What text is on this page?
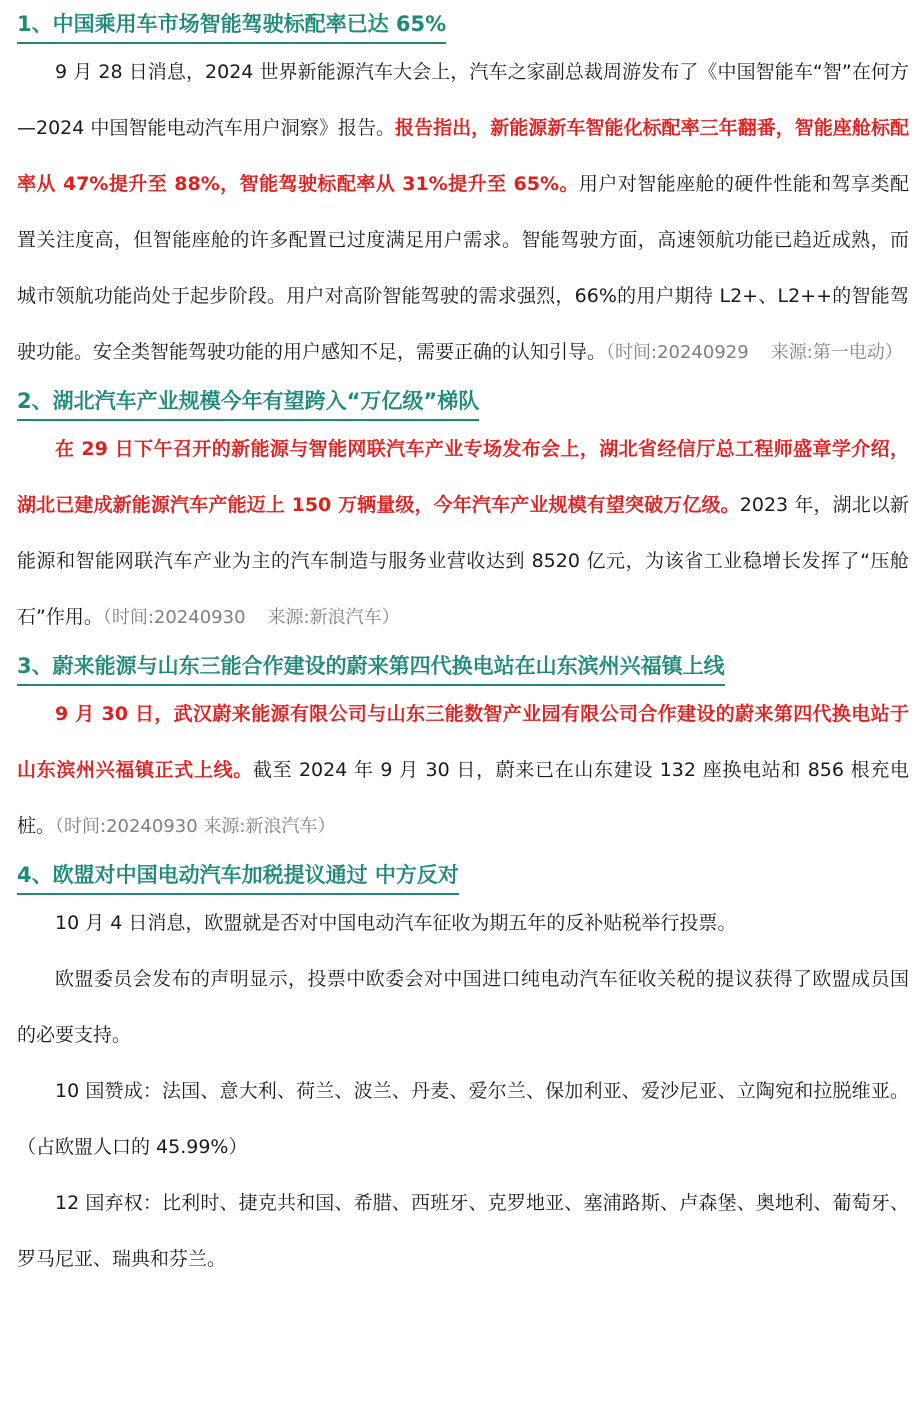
1、中国乘用车市场智能驾驶标配率已达 65%

9 月 28 日消息，2024 世界新能源汽车大会上，汽车之家副总裁周游发布了《中国智能车“智”在何方—2024 中国智能电动汽车用户洞察》报告。报告指出，新能源新车智能化标配率三年翻番，智能座舱标配率从 47%提升至 88%，智能驾驶标配率从 31%提升至 65%。用户对智能座舱的硬件性能和驾享类配置关注度高，但智能座舱的许多配置已过度满足用户需求。智能驾驶方面，高速领航功能已趋近成熟，而城市领航功能尚处于起步阶段。用户对高阶智能驾驶的需求强烈，66%的用户期待 L2+、L2++的智能驾驶功能。安全类智能驾驶功能的用户感知不足，需要正确的认知引导。（时间:20240929 来源:第一电动）

2、湖北汽车产业规模今年有望跨入“万亿级”梯队

在 29 日下午召开的新能源与智能网联汽车产业专场发布会上，湖北省经信厅总工程师盛章学介绍，湖北已建成新能源汽车产能迈上 150 万辆量级，今年汽车产业规模有望突破万亿级。2023 年，湖北以新能源和智能网联汽车产业为主的汽车制造与服务业营收达到 8520 亿元，为该省工业稳增长发挥了“压舱石”作用。（时间:20240930 来源:新浪汽车）

3、蔚来能源与山东三能合作建设的蔚来第四代换电站在山东滨州兴福镇上线

9 月 30 日，武汉蔚来能源有限公司与山东三能数智产业园有限公司合作建设的蔚来第四代换电站于山东滨州兴福镇正式上线。截至 2024 年 9 月 30 日，蔚来已在山东建设 132 座换电站和 856 根充电桩。（时间:20240930 来源:新浪汽车）

4、欧盟对中国电动汽车加税提议通过 中方反对

10 月 4 日消息，欧盟就是否对中国电动汽车征收为期五年的反补贴税举行投票。

欧盟委员会发布的声明显示，投票中欧委会对中国进口纯电动汽车征收关税的提议获得了欧盟成员国的必要支持。

10 国赞成：法国、意大利、荷兰、波兰、丹麦、爱尔兰、保加利亚、爱沙尼亚、立陶宛和拉脱维亚。（占欧盟人口的 45.99%）

12 国弃权：比利时、捷克共和国、希腊、西班牙、克罗地亚、塞浦路斯、卢森堡、奥地利、葡萄牙、罗马尼亚、瑞典和芬兰。
